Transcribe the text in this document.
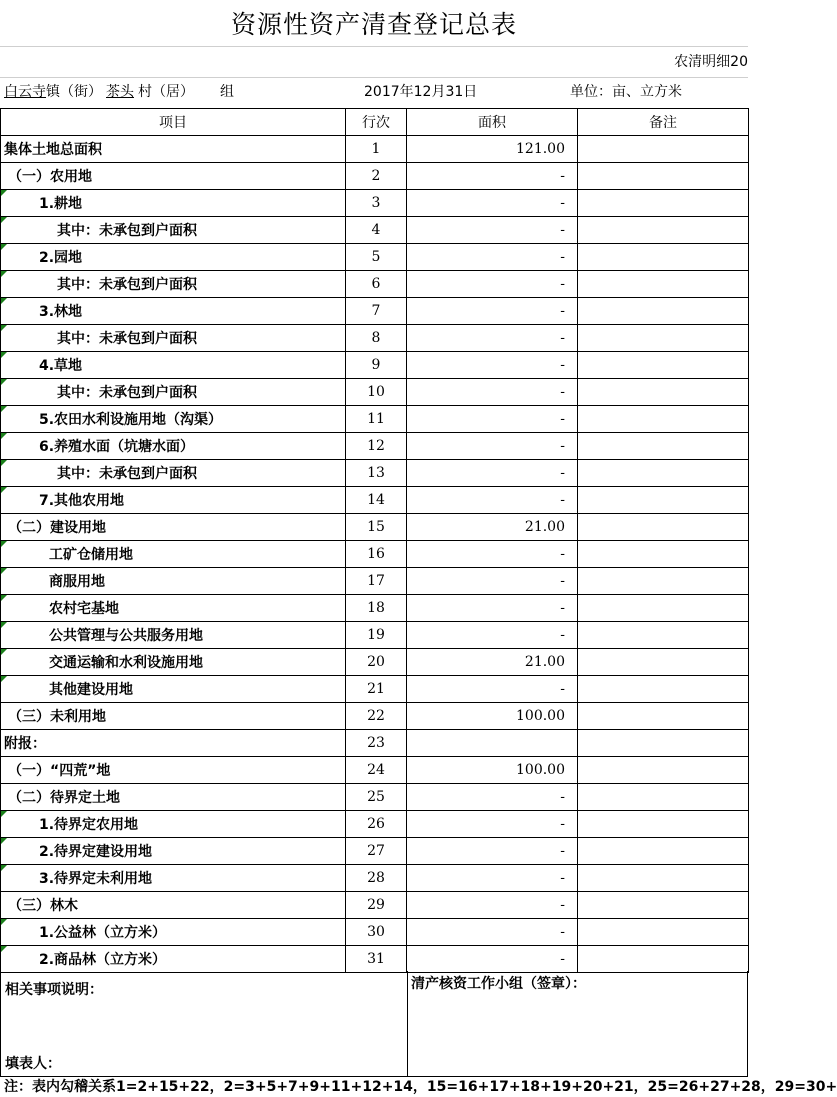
资源性资产清查登记总表
农清明细20
白云寺镇（街） 茶头 村（居） 组	2017年12月31日	单位：亩、立方米
项目	行次	面积	备注
集体土地总面积	1	121.00	
（一）农用地	2	-	

1.耕地	3	-	

其中：未承包到户面积	4	-	

2.园地	5	-	

其中：未承包到户面积	6	-	

3.林地	7	-	

其中：未承包到户面积	8	-	

4.草地	9	-	

其中：未承包到户面积	10	-	

5.农田水利设施用地（沟渠）	11	-	

6.养殖水面（坑塘水面）	12	-	

其中：未承包到户面积	13	-	

7.其他农用地	14	-	
（二）建设用地	15	21.00	

工矿仓储用地	16	-	

商服用地	17	-	

农村宅基地	18	-	

公共管理与公共服务用地	19	-	

交通运输和水利设施用地	20	21.00	

其他建设用地	21	-	
（三）未利用地	22	100.00	
附报：	23		
（一）“四荒”地	24	100.00	
（二）待界定土地	25	-	

1.待界定农用地	26	-	

2.待界定建设用地	27	-	

3.待界定未利用地	28	-	
（三）林木	29	-	

1.公益林（立方米）	30	-	

2.商品林（立方米）	31	-	
相关事项说明：
填表人：
清产核资工作小组（签章）：
注：表内勾稽关系1=2+15+22，2=3+5+7+9+11+12+14，15=16+17+18+19+20+21，25=26+27+28，29=30+
